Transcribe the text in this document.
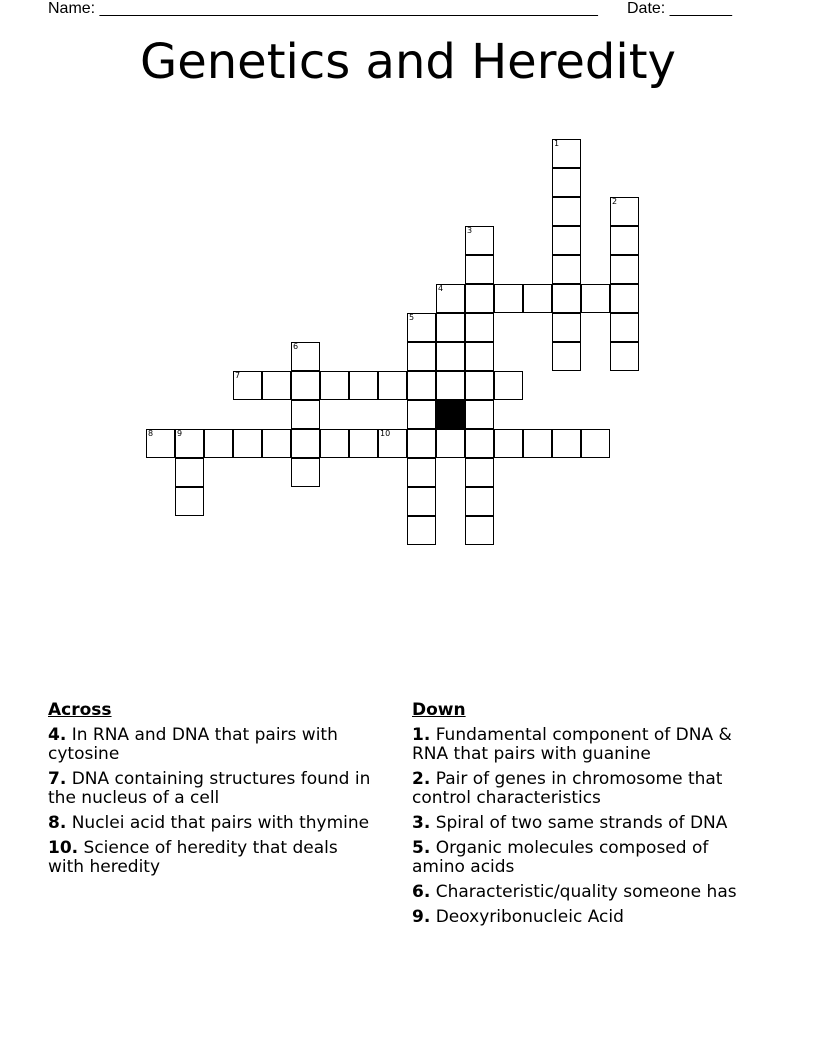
Name: ________________________________________________________ Date: _______
Genetics and Heredity
1
2
3
4
5
6
7
8	9	10
Across
4. In RNA and DNA that pairs with cytosine
7. DNA containing structures found in the nucleus of a cell
8. Nuclei acid that pairs with thymine
10. Science of heredity that deals with heredity
Down
1. Fundamental component of DNA & RNA that pairs with guanine
2. Pair of genes in chromosome that control characteristics
3. Spiral of two same strands of DNA
5. Organic molecules composed of amino acids
6. Characteristic/quality someone has
9. Deoxyribonucleic Acid
